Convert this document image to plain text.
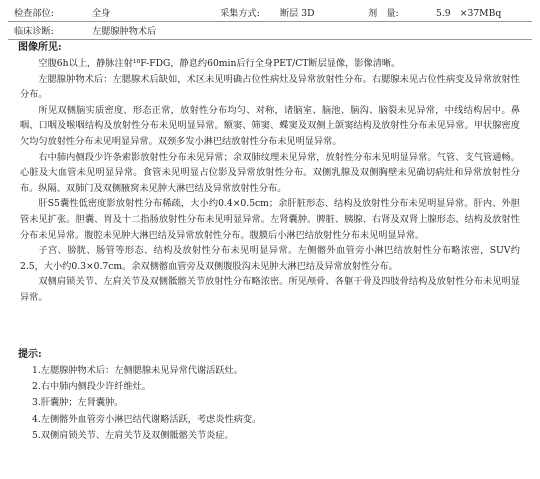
检查部位:	全身	采集方式: 断层 3D	剂　量:	5.9　×37MBq
临床诊断:	左腮腺肿物术后
图像所见:

空腹6h以上，静脉注射¹⁸F-FDG，静息约60min后行全身PET/CT断层显像，影像清晰。

左腮腺肿物术后：左腮腺术后缺如，术区未见明确占位性病灶及异常放射性分布。右腮腺未见占位性病变及异常放射性分布。

所见双侧脑实质密度、形态正常，放射性分布均匀、对称，诸脑室、脑池、脑沟、脑裂未见异常，中线结构居中。鼻咽、口咽及喉咽结构及放射性分布未见明显异常。额窦、筛窦、蝶窦及双侧上颌窦结构及放射性分布未见异常。甲状腺密度欠均匀放射性分布未见明显异常。双颈多发小淋巴结放射性分布未见明显异常。

右中肺内侧段少许条索影放射性分布未见异常；余双肺纹理未见异常，放射性分布未见明显异常。气管、支气管通畅。心脏及大血管未见明显异常。食管未见明显占位影及异常放射性分布。双侧乳腺及双侧胸壁未见确切病灶和异常放射性分布。纵隔、双肺门及双侧腋窝未见肿大淋巴结及异常放射性分布。

肝S5囊性低密度影放射性分布稀疏，大小约0.4×0.5cm；余肝脏形态、结构及放射性分布未见明显异常。肝内、外胆管未见扩张。胆囊、胃及十二指肠放射性分布未见明显异常。左肾囊肿。脾脏、胰腺、右肾及双肾上腺形态、结构及放射性分布未见异常。腹腔未见肿大淋巴结及异常放射性分布。腹膜后小淋巴结放射性分布未见明显异常。

子宫、膀胱、肠管等形态、结构及放射性分布未见明显异常。左侧髂外血管旁小淋巴结放射性分布略浓密，SUV约2.5，大小约0.3×0.7cm。余双侧髂血管旁及双侧腹股沟未见肿大淋巴结及异常放射性分布。

双侧肩锁关节、左肩关节及双侧骶髂关节放射性分布略浓密。所见颅骨、各躯干骨及四肢骨结构及放射性分布未见明显异常。

提示:
1.左腮腺肿物术后：左侧腮腺未见异常代谢活跃灶。
2.右中肺内侧段少许纤维灶。
3.肝囊肿；左肾囊肿。
4.左侧髂外血管旁小淋巴结代谢略活跃，考虑炎性病变。
5.双侧肩锁关节、左肩关节及双侧骶髂关节炎症。
